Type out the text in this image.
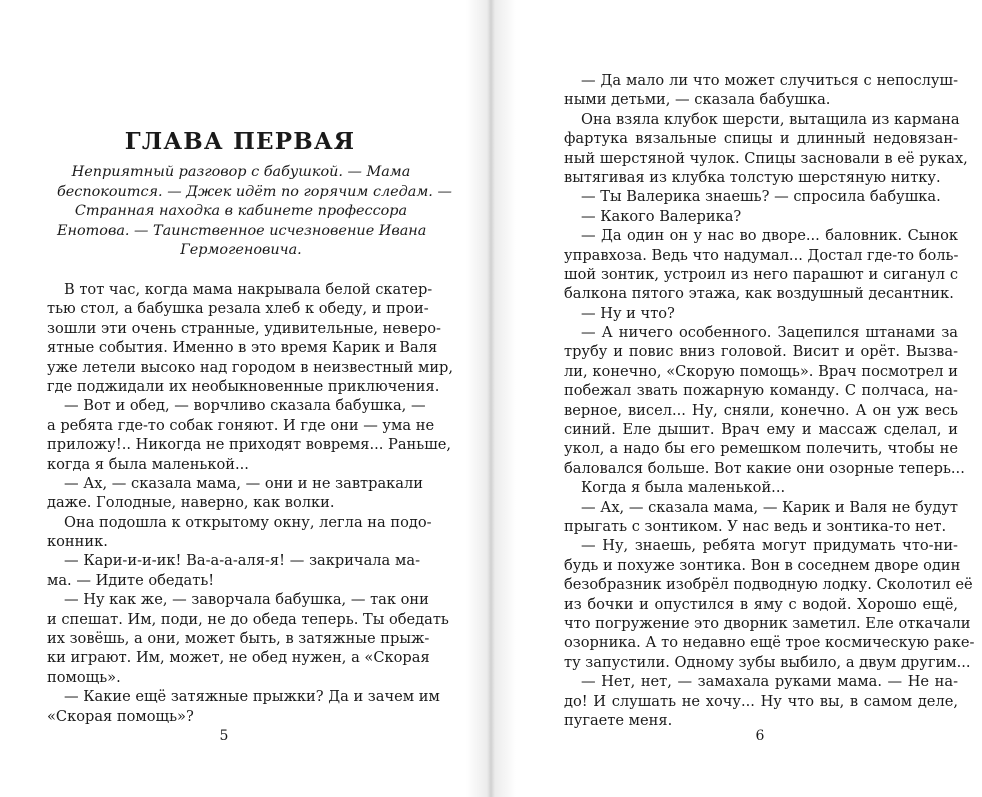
ГЛАВА ПЕРВАЯ
Неприятный разговор с бабушкой. — Мама
беспокоится. — Джек идёт по горячим следам. —
Странная находка в кабинете профессора
Енотова. — Таинственное исчезновение Ивана
Гермогеновича.
В тот час, когда мама накрывала белой скатер-
тью стол, а бабушка резала хлеб к обеду, и прои-
зошли эти очень странные, удивительные, неверо-
ятные события. Именно в это время Карик и Валя
уже летели высоко над городом в неизвестный мир,
где поджидали их необыкновенные приключения.
— Вот и обед, — ворчливо сказала бабушка, —
а ребята где-то собак гоняют. И где они — ума не
приложу!.. Никогда не приходят вовремя... Раньше,
когда я была маленькой...
— Ах, — сказала мама, — они и не завтракали
даже. Голодные, наверно, как волки.
Она подошла к открытому окну, легла на подо-
конник.
— Кари-и-и-ик! Ва-а-а-аля-я! — закричала ма-
ма. — Идите обедать!
— Ну как же, — заворчала бабушка, — так они
и спешат. Им, поди, не до обеда теперь. Ты обедать
их зовёшь, а они, может быть, в затяжные прыж-
ки играют. Им, может, не обед нужен, а «Скорая
помощь».
— Какие ещё затяжные прыжки? Да и зачем им
«Скорая помощь»?
5
— Да мало ли что может случиться с непослуш-
ными детьми, — сказала бабушка.
Она взяла клубок шерсти, вытащила из кармана
фартука вязальные спицы и длинный недовязан-
ный шерстяной чулок. Спицы засновали в её руках,
вытягивая из клубка толстую шерстяную нитку.
— Ты Валерика знаешь? — спросила бабушка.
— Какого Валерика?
— Да один он у нас во дворе... баловник. Сынок
управхоза. Ведь что надумал... Достал где-то боль-
шой зонтик, устроил из него парашют и сиганул с
балкона пятого этажа, как воздушный десантник.
— Ну и что?
— А ничего особенного. Зацепился штанами за
трубу и повис вниз головой. Висит и орёт. Вызва-
ли, конечно, «Скорую помощь». Врач посмотрел и
побежал звать пожарную команду. С полчаса, на-
верное, висел... Ну, сняли, конечно. А он уж весь
синий. Еле дышит. Врач ему и массаж сделал, и
укол, а надо бы его ремешком полечить, чтобы не
баловался больше. Вот какие они озорные теперь...
Когда я была маленькой...
— Ах, — сказала мама, — Карик и Валя не будут
прыгать с зонтиком. У нас ведь и зонтика-то нет.
— Ну, знаешь, ребята могут придумать что-ни-
будь и похуже зонтика. Вон в соседнем дворе один
безобразник изобрёл подводную лодку. Сколотил её
из бочки и опустился в яму с водой. Хорошо ещё,
что погружение это дворник заметил. Еле откачали
озорника. А то недавно ещё трое космическую раке-
ту запустили. Одному зубы выбило, а двум другим...
— Нет, нет, — замахала руками мама. — Не на-
до! И слушать не хочу... Ну что вы, в самом деле,
пугаете меня.
6
